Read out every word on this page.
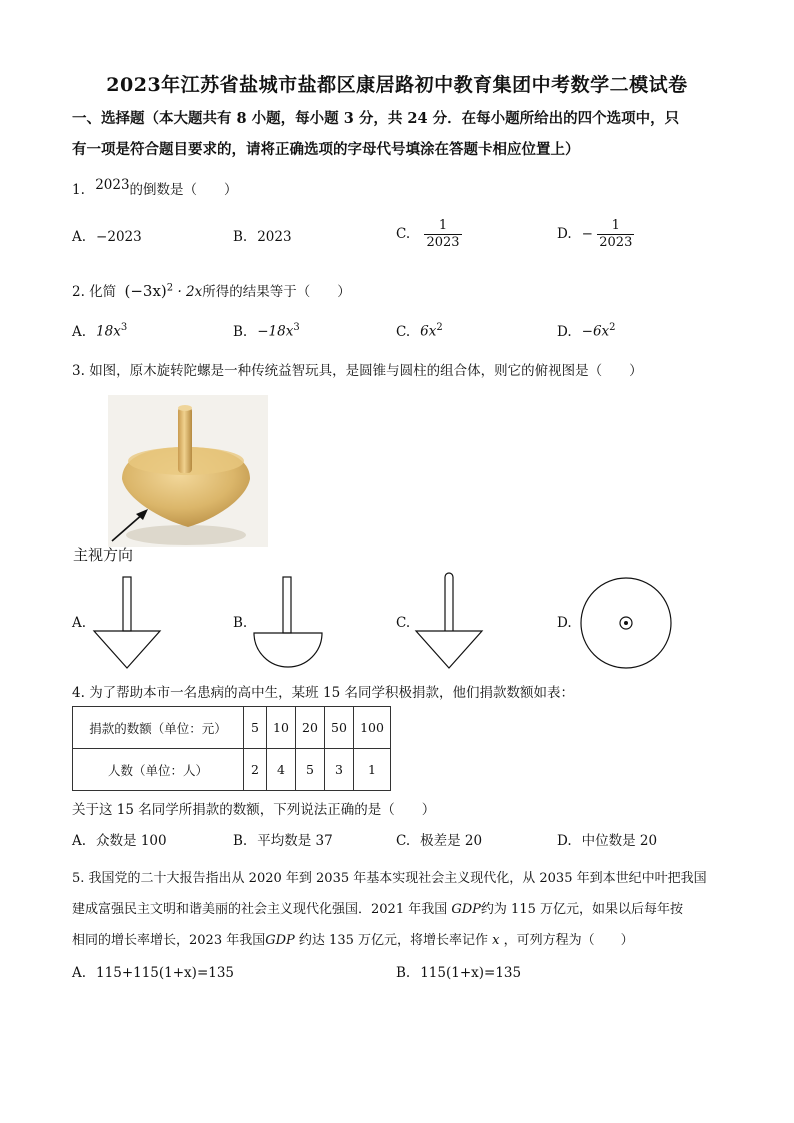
2023年江苏省盐城市盐都区康居路初中教育集团中考数学二模试卷
一、选择题（本大题共有 8 小题，每小题 3 分，共 24 分．在每小题所给出的四个选项中，只
有一项是符合题目要求的，请将正确选项的字母代号填涂在答题卡相应位置上）
1. 2023的倒数是（　　）
A. −2023	B. 2023	C. $\frac{1}{2023}$	D. − $\frac{1}{2023}$
2. 化简 $(-3x)^2 \cdot 2x$所得的结果等于（　　）
A. $18x^3$	B. $-18x^3$	C. $6x^2$	D. $-6x^2$
3. 如图，原木旋转陀螺是一种传统益智玩具，是圆锥与圆柱的组合体，则它的俯视图是（　　）
主视方向
A.	B.	C.	D.
4. 为了帮助本市一名患病的高中生，某班 15 名同学积极捐款，他们捐款数额如表：
捐款的数额（单位：元）	5	10	20	50	100
人数（单位：人）	2	4	5	3	1
关于这 15 名同学所捐款的数额，下列说法正确的是（　　）
A. 众数是 100	B. 平均数是 37	C. 极差是 20	D. 中位数是 20
5. 我国党的二十大报告指出从 2020 年到 2035 年基本实现社会主义现代化，从 2035 年到本世纪中叶把我国
建成富强民主文明和谐美丽的社会主义现代化强国．2021 年我国 GDP约为 115 万亿元，如果以后每年按
相同的增长率增长，2023 年我国GDP 约达 135 万亿元，将增长率记作 x ，可列方程为（　　）
A. 115+115(1+x)=135	B. 115(1+x)=135
